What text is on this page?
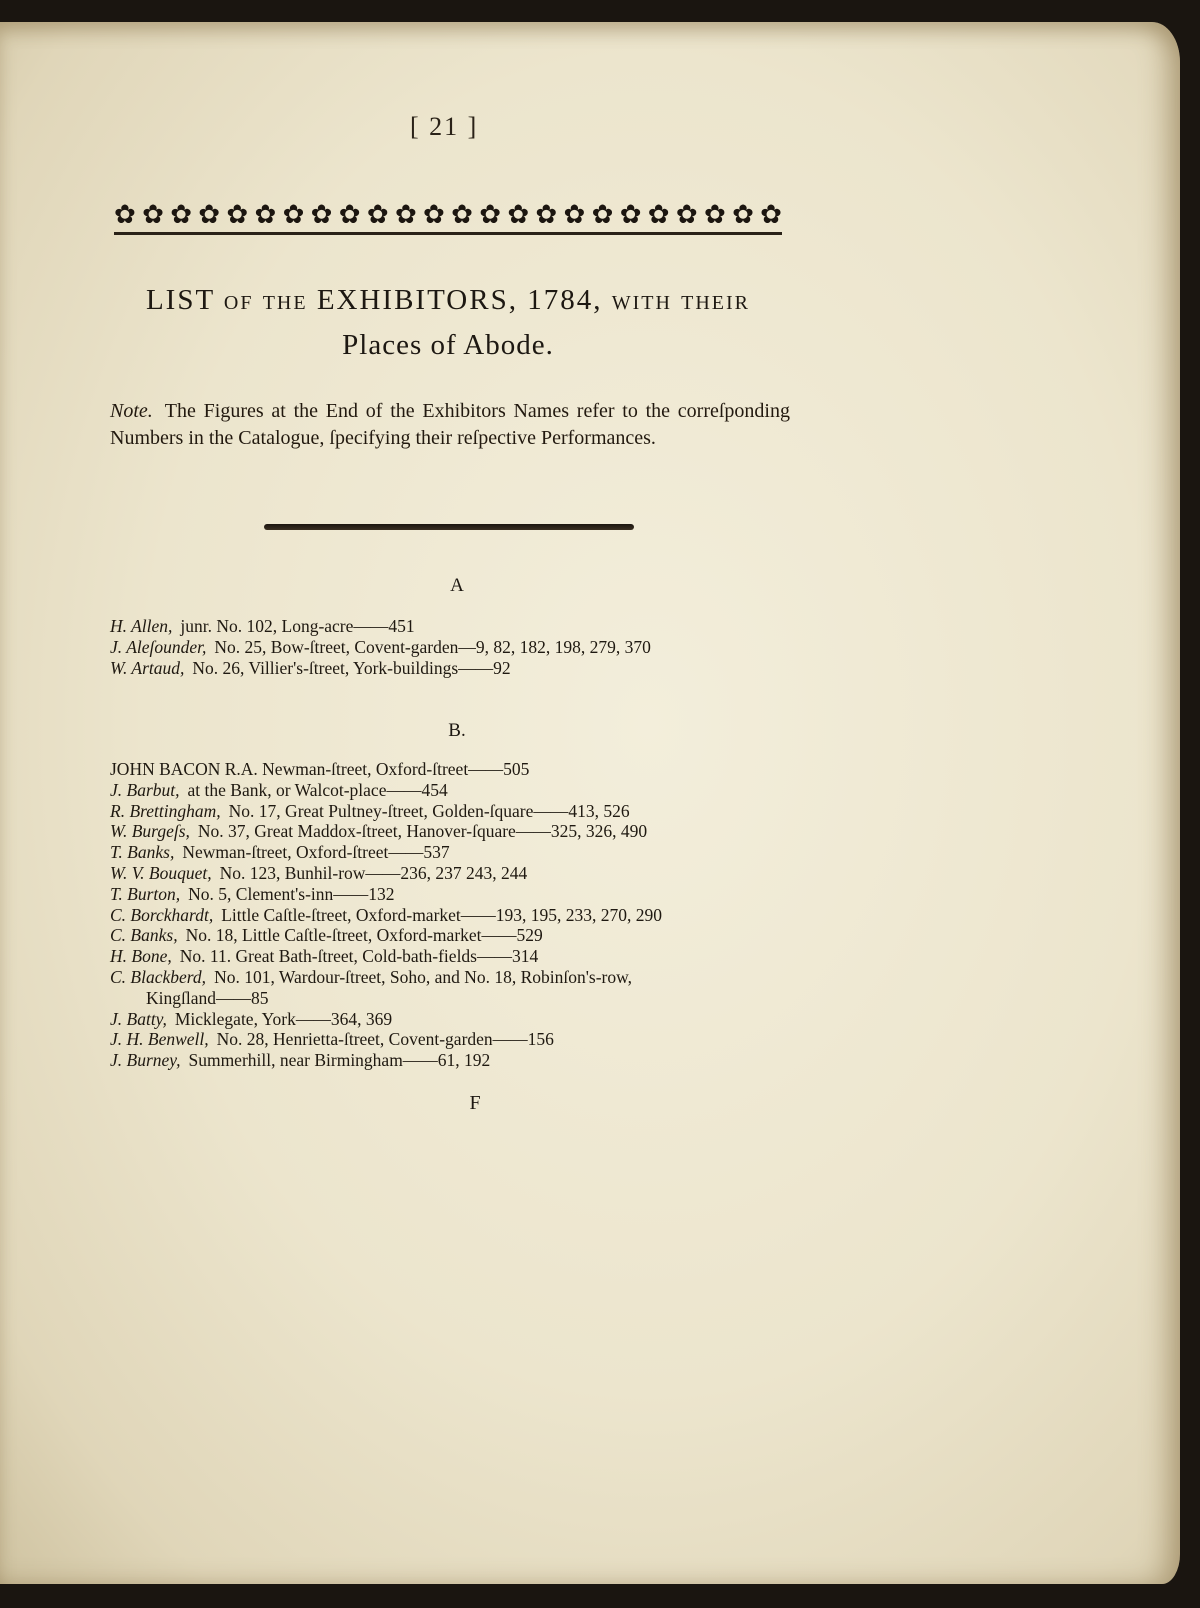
[ 21 ]
✿ ✿ ✿ ✿ ✿ ✿ ✿ ✿ ✿ ✿ ✿ ✿ ✿ ✿ ✿ ✿ ✿ ✿ ✿ ✿ ✿ ✿ ✿ ✿
LIST of the EXHIBITORS, 1784, with their
Places of Abode.
Note. The Figures at the End of the Exhibitors Names refer to the correſponding Numbers in the Catalogue, ſpecifying their reſpective Performances.
A
H. Allen, junr. No. 102, Long-acre——451
J. Aleſounder, No. 25, Bow-ſtreet, Covent-garden—9, 82, 182, 198, 279, 370
W. Artaud, No. 26, Villier's-ſtreet, York-buildings——92
B.
JOHN BACON R.A. Newman-ſtreet, Oxford-ſtreet——505
J. Barbut, at the Bank, or Walcot-place——454
R. Brettingham, No. 17, Great Pultney-ſtreet, Golden-ſquare——413, 526
W. Burgeſs, No. 37, Great Maddox-ſtreet, Hanover-ſquare——325, 326, 490
T. Banks, Newman-ſtreet, Oxford-ſtreet——537
W. V. Bouquet, No. 123, Bunhil-row——236, 237 243, 244
T. Burton, No. 5, Clement's-inn——132
C. Borckhardt, Little Caſtle-ſtreet, Oxford-market——193, 195, 233, 270, 290
C. Banks, No. 18, Little Caſtle-ſtreet, Oxford-market——529
H. Bone, No. 11. Great Bath-ſtreet, Cold-bath-fields——314
C. Blackberd, No. 101, Wardour-ſtreet, Soho, and No. 18, Robinſon's-row,
Kingſland——85
J. Batty, Micklegate, York——364, 369
J. H. Benwell, No. 28, Henrietta-ſtreet, Covent-garden——156
J. Burney, Summerhill, near Birmingham——61, 192
F
